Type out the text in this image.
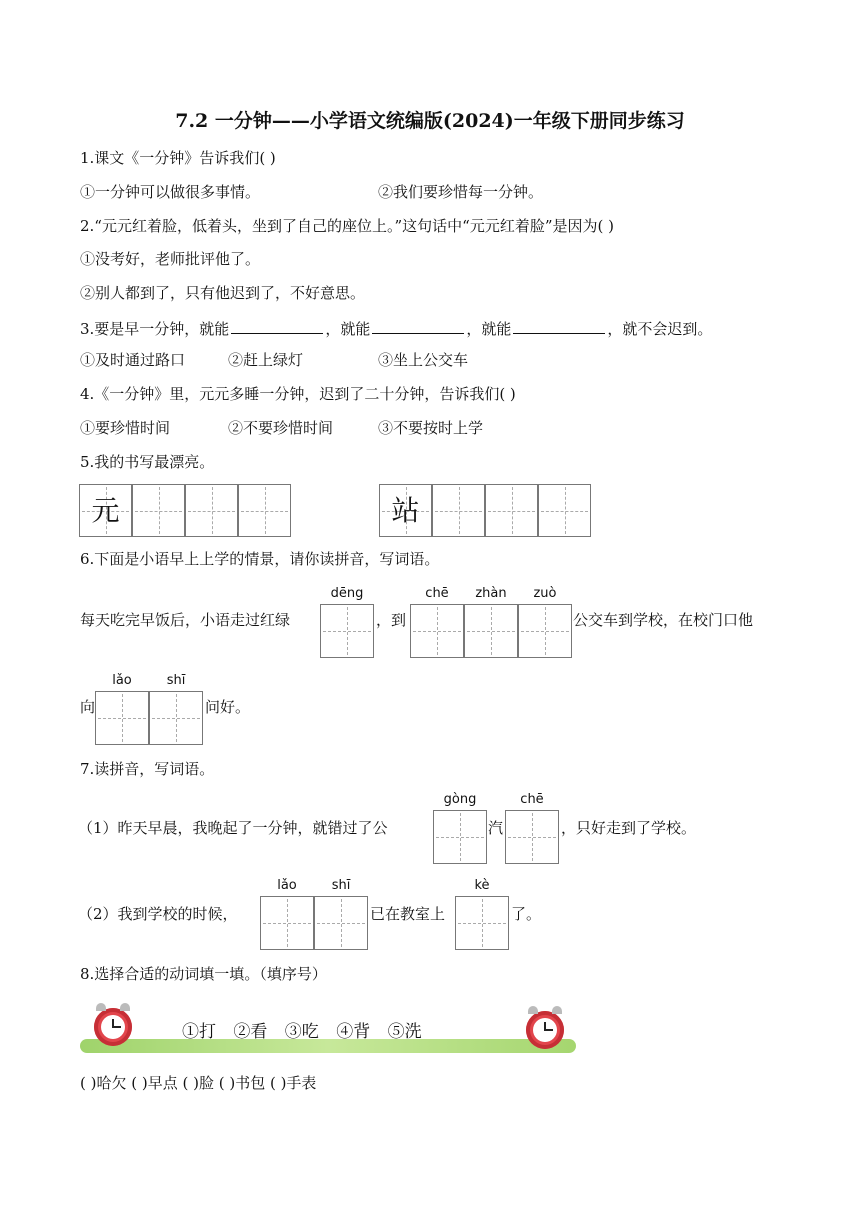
7.2 一分钟——小学语文统编版(2024)一年级下册同步练习
1.课文《一分钟》告诉我们( )
①一分钟可以做很多事情。	②我们要珍惜每一分钟。
2.“元元红着脸，低着头，坐到了自己的座位上。”这句话中“元元红着脸”是因为( )
①没考好，老师批评他了。
②别人都到了，只有他迟到了，不好意思。
3.要是早一分钟，就能	，就能	，就能	，就不会迟到。
①及时通过路口	②赶上绿灯	③坐上公交车
4.《一分钟》里，元元多睡一分钟，迟到了二十分钟，告诉我们( )
①要珍惜时间	②不要珍惜时间	③不要按时上学
5.我的书写最漂亮。
元	站
6.下面是小语早上上学的情景，请你读拼音，写词语。
dēng	chē	zhàn	zuò
每天吃完早饭后，小语走过红绿	，到	公交车到学校，在校门口他
lǎo	shī
向	问好。
7.读拼音，写词语。
gòng	chē
（1）昨天早晨，我晚起了一分钟，就错过了公	汽	，只好走到了学校。
lǎo	shī	kè
（2）我到学校的时候，	已在教室上	了。
8.选择合适的动词填一填。（填序号）
①打 ②看 ③吃 ④背 ⑤洗
( )哈欠 ( )早点 ( )脸 ( )书包 ( )手表
